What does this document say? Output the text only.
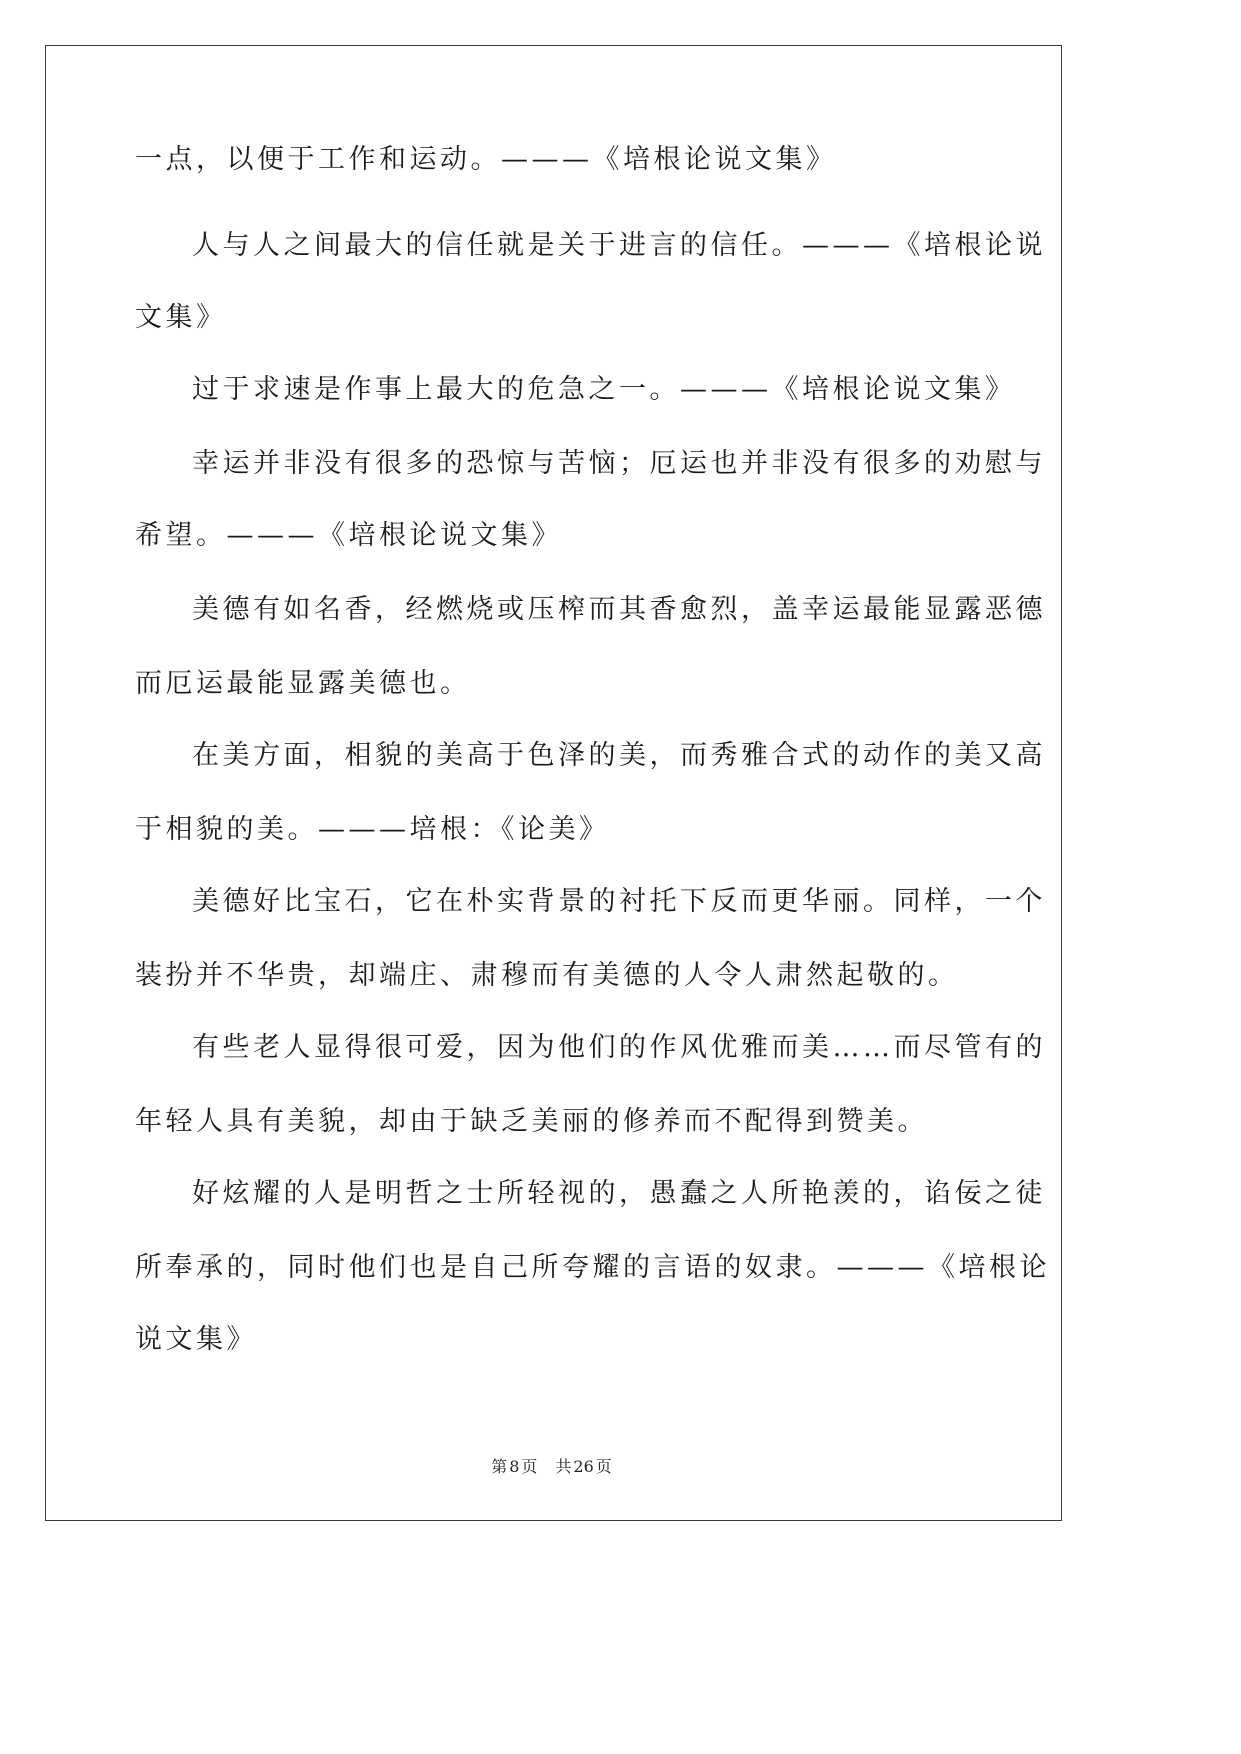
一点，以便于工作和运动。———《培根论说文集》
人与人之间最大的信任就是关于进言的信任。———《培根论说
文集》
过于求速是作事上最大的危急之一。———《培根论说文集》
幸运并非没有很多的恐惊与苦恼；厄运也并非没有很多的劝慰与
希望。———《培根论说文集》
美德有如名香，经燃烧或压榨而其香愈烈，盖幸运最能显露恶德
而厄运最能显露美德也。
在美方面，相貌的美高于色泽的美，而秀雅合式的动作的美又高
于相貌的美。———培根：《论美》
美德好比宝石，它在朴实背景的衬托下反而更华丽。同样，一个
装扮并不华贵，却端庄、肃穆而有美德的人令人肃然起敬的。
有些老人显得很可爱，因为他们的作风优雅而美……而尽管有的
年轻人具有美貌，却由于缺乏美丽的修养而不配得到赞美。
好炫耀的人是明哲之士所轻视的，愚蠢之人所艳羡的，谄佞之徒
所奉承的，同时他们也是自己所夸耀的言语的奴隶。———《培根论
说文集》
第 8 页 共 26 页
